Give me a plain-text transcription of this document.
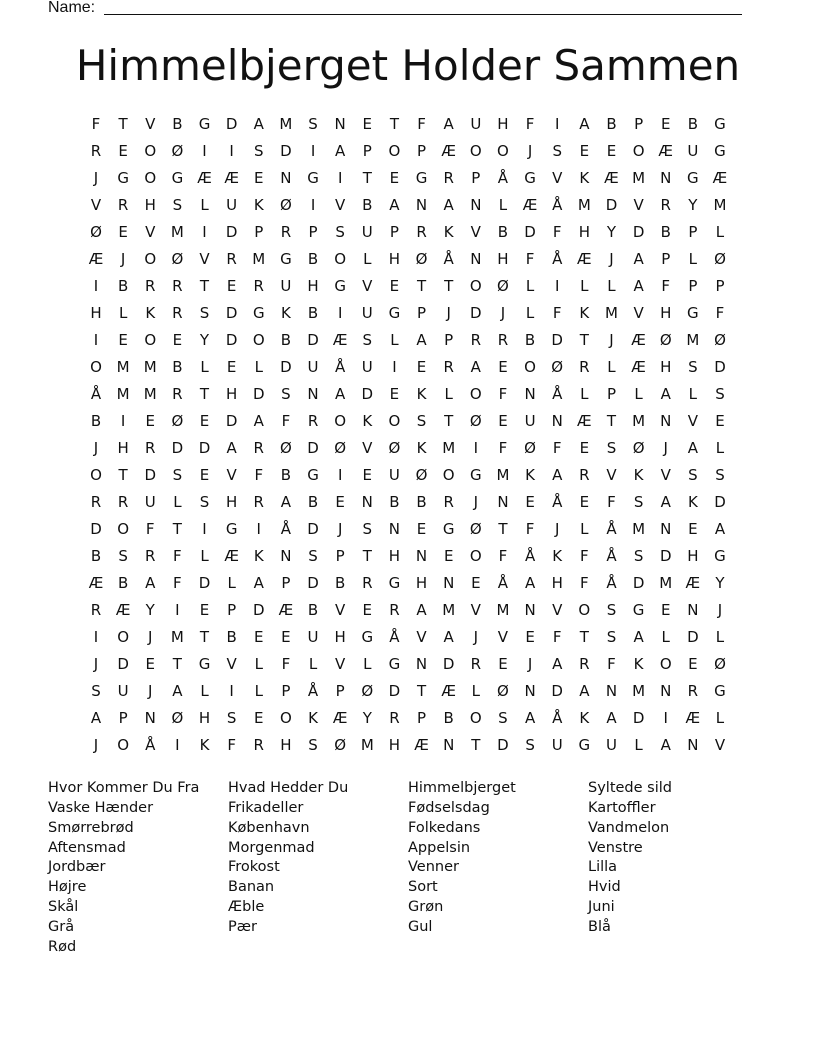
Name:
Himmelbjerget Holder Sammen
F	T	V	B	G	D	A	M	S	N	E	T	F	A	U	H	F	I	A	B	P	E	B	G
R	E	O	Ø	I	I	S	D	I	A	P	O	P	Æ O	O	J	S	E	E	O Æ U	G
J	G	O	G Æ Æ	E	N	G	I	T	E	G	R	P	Å	G	V	K Æ M	N	G Æ
V	R	H	S	L	U	K	Ø	I	V	B	A	N	A	N	L	Æ Å	M D	V	R	Y	M
Ø	E	V	M	I	D	P	R	P	S	U	P	R	K	V	B	D	F	H	Y	D	B	P	L
Æ	J	O	Ø	V	R	M G	B	O	L	H	Ø	Å	N	H	F	Å Æ	J	A	P	L	Ø
I	B	R	R	T	E	R	U	H	G	V	E	T	T	O	Ø	L	I	L	L	A	F	P	P
H	L	K	R	S	D	G	K	B	I	U	G	P	J	D	J	L	F	K	M	V	H	G	F
I	E	O	E	Y	D	O	B	D Æ	S	L	A	P	R	R	B	D	T	J	Æ Ø M Ø
O M M	B	L	E	L	D	U	Å	U	I	E	R	A	E	O	Ø	R	L	Æ H	S	D
Å	M M	R	T	H	D	S	N	A	D	E	K	L	O	F	N	Å	L	P	L	A	L	S
B	I	E	Ø	E	D	A	F	R	O	K	O	S	T	Ø	E	U	N Æ	T	M	N	V	E
J	H	R	D	D	A	R	Ø	D	Ø	V	Ø	K	M	I	F	Ø	F	E	S	Ø	J	A	L
O	T	D	S	E	V	F	B	G	I	E	U	Ø	O	G M	K	A	R	V	K	V	S	S
R	R	U	L	S	H	R	A	B	E	N	B	B	R	J	N	E	Å	E	F	S	A	K	D
D	O	F	T	I	G	I	Å	D	J	S	N	E	G	Ø	T	F	J	L	Å	M	N	E	A
B	S	R	F	L	Æ K	N	S	P	T	H	N	E	O	F	Å	K	F	Å	S	D	H	G
Æ B	A	F	D	L	A	P	D	B	R	G	H	N	E	Å	A	H	F	Å	D M Æ	Y
R Æ	Y	I	E	P	D Æ B	V	E	R	A	M	V	M	N	V	O	S	G	E	N	J
I	O	J	M	T	B	E	E	U	H	G	Å	V	A	J	V	E	F	T	S	A	L	D	L
J	D	E	T	G	V	L	F	L	V	L	G	N	D	R	E	J	A	R	F	K	O	E	Ø
S	U	J	A	L	I	L	P	Å	P	Ø	D	T	Æ	L	Ø	N	D	A	N	M	N	R	G
A	P	N	Ø	H	S	E	O	K Æ	Y	R	P	B	O	S	A	Å	K	A	D	I	Æ	L
J	O	Å	I	K	F	R	H	S	Ø M	H Æ N	T	D	S	U	G	U	L	A	N	V
Hvor Kommer Du Fra
Vaske Hænder
Smørrebrød
Aftensmad
Jordbær
Højre
Skål
Grå
Rød
Hvad Hedder Du
Frikadeller
København
Morgenmad
Frokost
Banan
Æble
Pær
Himmelbjerget
Fødselsdag
Folkedans
Appelsin
Venner
Sort
Grøn
Gul
Syltede sild
Kartoffler
Vandmelon
Venstre
Lilla
Hvid
Juni
Blå
